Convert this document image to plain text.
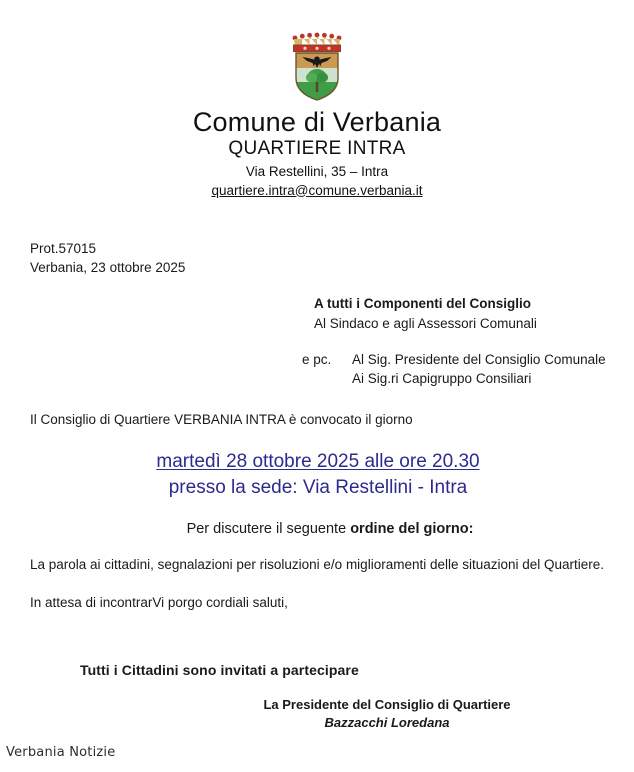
Comune di Verbania
QUARTIERE INTRA
Via Restellini, 35 – Intra
quartiere.intra@comune.verbania.it
Prot.57015
Verbania, 23 ottobre 2025
A tutti i Componenti del Consiglio
Al Sindaco e agli Assessori Comunali
e pc. Al Sig. Presidente del Consiglio Comunale
Ai Sig.ri Capigruppo Consiliari
Il Consiglio di Quartiere VERBANIA INTRA è convocato il giorno
martedì 28 ottobre 2025 alle ore 20.30
presso la sede: Via Restellini - Intra
Per discutere il seguente ordine del giorno:
La parola ai cittadini, segnalazioni per risoluzioni e/o miglioramenti delle situazioni del Quartiere.
In attesa di incontrarVi porgo cordiali saluti,
Tutti i Cittadini sono invitati a partecipare
La Presidente del Consiglio di Quartiere
Bazzacchi Loredana
Verbania Notizie
